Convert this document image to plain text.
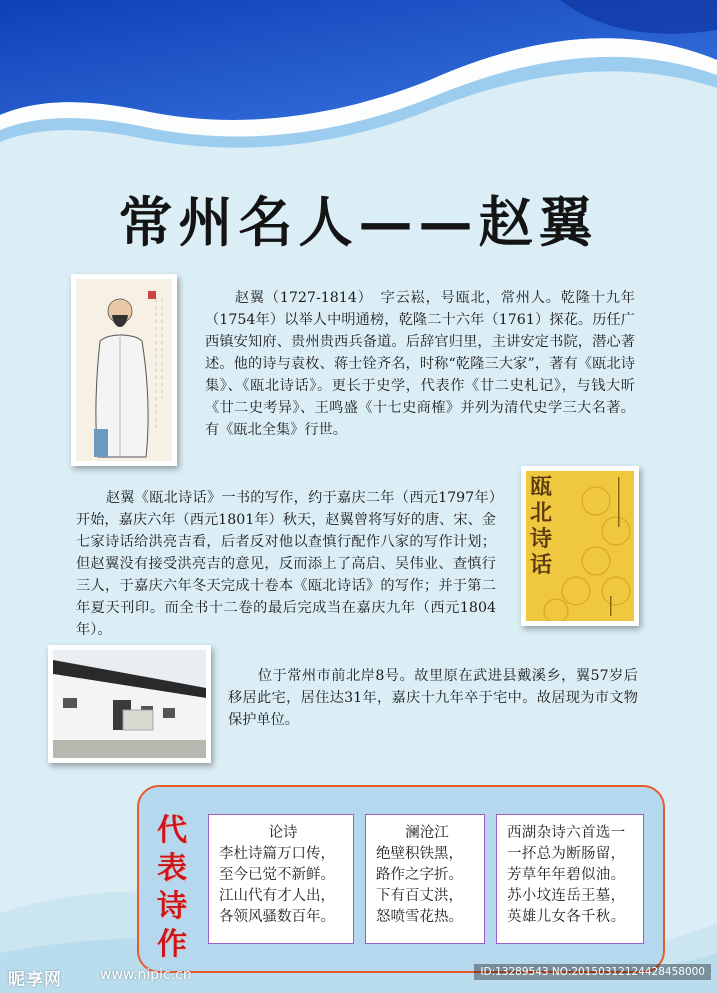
常州名人——赵翼
赵翼（1727-1814）　字云崧，号瓯北，常州人。乾隆十九年（1754年）以举人中明通榜，乾隆二十六年（1761）探花。历任广西镇安知府、贵州贵西兵备道。后辞官归里，主讲安定书院，潜心著述。他的诗与袁枚、蒋士铨齐名，时称“乾隆三大家”，著有《瓯北诗集》、《瓯北诗话》。更长于史学，代表作《廿二史札记》，与钱大昕《廿二史考异》、王鸣盛《十七史商榷》并列为清代史学三大名著。有《瓯北全集》行世。
瓯北诗话
赵翼《瓯北诗话》一书的写作，约于嘉庆二年（西元1797年）开始，嘉庆六年（西元1801年）秋天，赵翼曾将写好的唐、宋、金七家诗话给洪亮吉看，后者反对他以查慎行配作八家的写作计划；但赵翼没有接受洪亮吉的意见，反而添上了高启、吴伟业、查慎行三人，于嘉庆六年冬天完成十卷本《瓯北诗话》的写作；并于第二年夏天刊印。而全书十二卷的最后完成当在嘉庆九年（西元1804年）。
位于常州市前北岸8号。故里原在武进县戴溪乡，翼57岁后移居此宅，居住达31年，嘉庆十九年卒于宅中。故居现为市文物保护单位。
代
表
诗
作
论诗
李杜诗篇万口传，
至今已觉不新鲜。
江山代有才人出，
各领风骚数百年。
澜沧江
绝壁积铁黑，
路作之字折。
下有百丈洪，
怒喷雪花热。
西湖杂诗六首选一
一抔总为断肠留，
芳草年年碧似油。
苏小坟连岳王墓，
英雄儿女各千秋。
昵享网	www.nipic.cn	ID:13289543 NO:20150312124428458000
